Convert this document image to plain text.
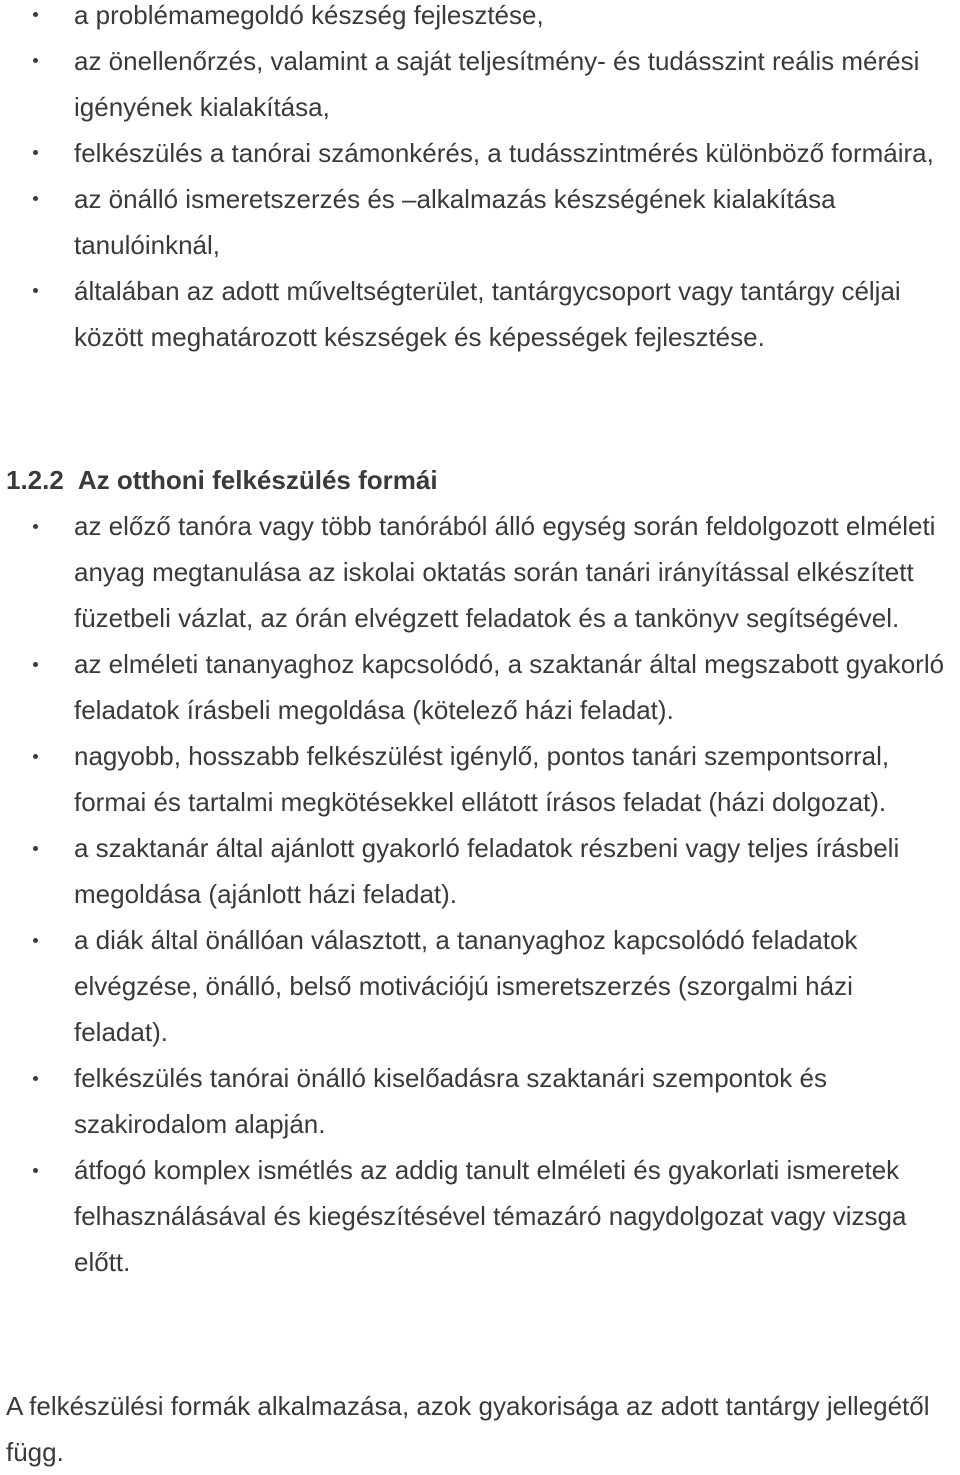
a problémamegoldó készség fejlesztése,
az önellenőrzés, valamint a saját teljesítmény- és tudásszint reális mérési igényének kialakítása,
felkészülés a tanórai számonkérés, a tudásszintmérés különböző formáira,
az önálló ismeretszerzés és –alkalmazás készségének kialakítása tanulóinknál,
általában az adott műveltségterület, tantárgycsoport vagy tantárgy céljai között meghatározott készségek és képességek fejlesztése.
1.2.2 Az otthoni felkészülés formái
az előző tanóra vagy több tanórából álló egység során feldolgozott elméleti anyag megtanulása az iskolai oktatás során tanári irányítással elkészített füzetbeli vázlat, az órán elvégzett feladatok és a tankönyv segítségével.
az elméleti tananyaghoz kapcsolódó, a szaktanár által megszabott gyakorló feladatok írásbeli megoldása (kötelező házi feladat).
nagyobb, hosszabb felkészülést igénylő, pontos tanári szempontsorral, formai és tartalmi megkötésekkel ellátott írásos feladat (házi dolgozat).
a szaktanár által ajánlott gyakorló feladatok részbeni vagy teljes írásbeli megoldása (ajánlott házi feladat).
a diák által önállóan választott, a tananyaghoz kapcsolódó feladatok elvégzése, önálló, belső motivációjú ismeretszerzés (szorgalmi házi feladat).
felkészülés tanórai önálló kiselőadásra szaktanári szempontok és szakirodalom alapján.
átfogó komplex ismétlés az addig tanult elméleti és gyakorlati ismeretek felhasználásával és kiegészítésével témazáró nagydolgozat vagy vizsga előtt.

A felkészülési formák alkalmazása, azok gyakorisága az adott tantárgy jellegétől függ.
